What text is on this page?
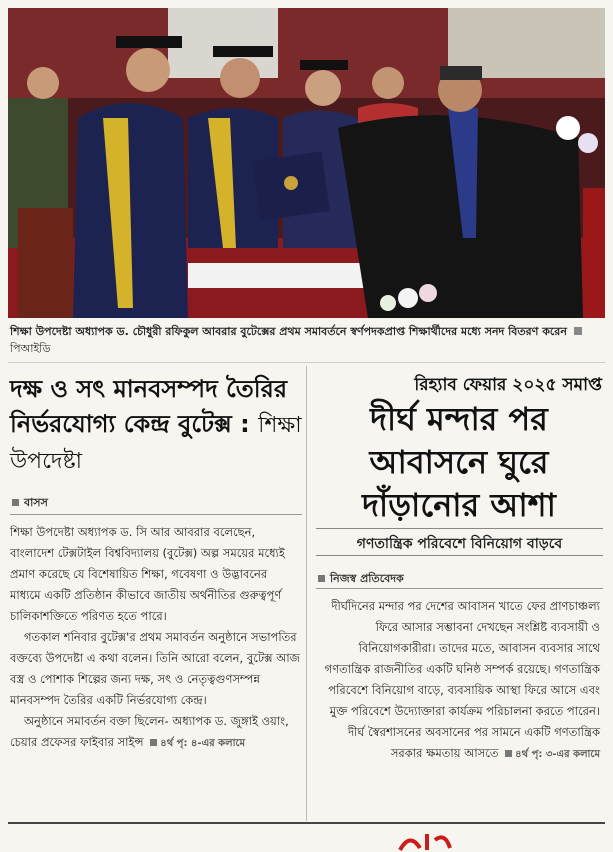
শিক্ষা উপদেষ্টা অধ্যাপক ড. চৌধুরী রফিকুল আবরার বুটেক্সের প্রথম সমাবর্তনে স্বর্ণপদকপ্রাপ্ত শিক্ষার্থীদের মধ্যে সনদ বিতরণ করেন  পিআইডি
দক্ষ ও সৎ মানবসম্পদ তৈরির নির্ভরযোগ্য কেন্দ্র বুটেক্স : শিক্ষা উপদেষ্টা
বাসস

শিক্ষা উপদেষ্টা অধ্যাপক ড. সি আর আবরার বলেছেন, বাংলাদেশ টেক্সটাইল বিশ্ববিদ্যালয় (বুটেক্স) অল্প সময়ের মধ্যেই প্রমাণ করেছে যে বিশেষায়িত শিক্ষা, গবেষণা ও উদ্ভাবনের মাধ্যমে একটি প্রতিষ্ঠান কীভাবে জাতীয় অর্থনীতির গুরুত্বপূর্ণ চালিকাশক্তিতে পরিণত হতে পারে।

গতকাল শনিবার বুটেক্স'র প্রথম সমাবর্তন অনুষ্ঠানে সভাপতির বক্তব্যে উপদেষ্টা এ কথা বলেন। তিনি আরো বলেন, বুটেক্স আজ বস্ত্র ও পোশাক শিল্পের জন্য দক্ষ, সৎ ও নেতৃত্বগুণসম্পন্ন মানবসম্পদ তৈরির একটি নির্ভরযোগ্য কেন্দ্র।

অনুষ্ঠানে সমাবর্তন বক্তা ছিলেন- অধ্যাপক ড. জুঙ্গাই ওয়াং, চেয়ার প্রফেসর ফাইবার সাইন্স ৪র্থ পৃ: ৪-এর কলামে

রিহ্যাব ফেয়ার ২০২৫ সমাপ্ত
দীর্ঘ মন্দার পর আবাসনে ঘুরে দাঁড়ানোর আশা
গণতান্ত্রিক পরিবেশে বিনিয়োগ বাড়বে
নিজস্ব প্রতিবেদক

দীর্ঘদিনের মন্দার পর দেশের আবাসন খাতে ফের প্রাণচাঞ্চল্য ফিরে আসার সম্ভাবনা দেখছেন সংশ্লিষ্ট ব্যবসায়ী ও বিনিয়োগকারীরা। তাদের মতে, আবাসন ব্যবসার সাথে গণতান্ত্রিক রাজনীতির একটি ঘনিষ্ঠ সম্পর্ক রয়েছে। গণতান্ত্রিক পরিবেশে বিনিয়োগ বাড়ে, ব্যবসায়িক আস্থা ফিরে আসে এবং মুক্ত পরিবেশে উদ্যোক্তারা কার্যক্রম পরিচালনা করতে পারেন। দীর্ঘ স্বৈরশাসনের অবসানের পর সামনে একটি গণতান্ত্রিক সরকার ক্ষমতায় আসতে ৪র্থ পৃ: ৩-এর কলামে
